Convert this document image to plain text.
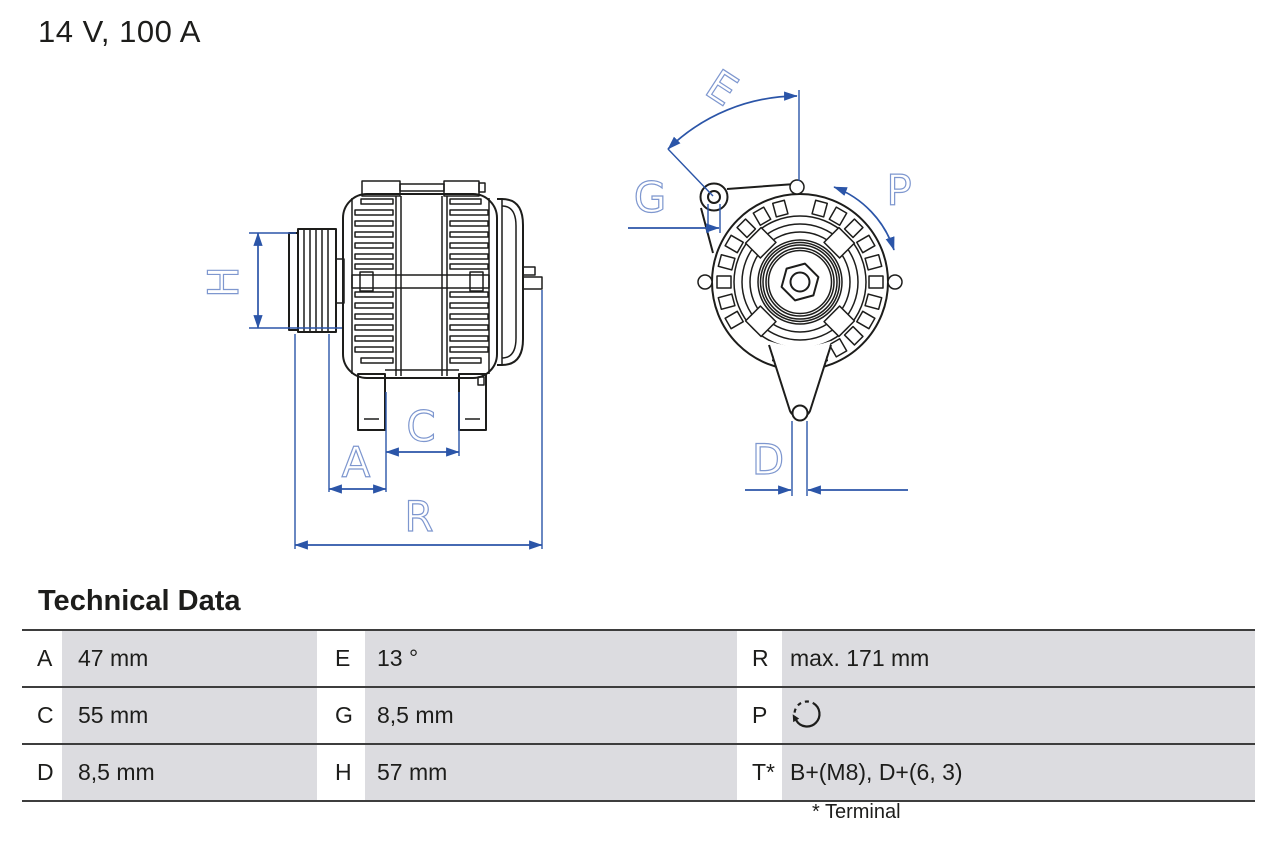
14 V, 100 A
H
A
C
R
E
G	P
D
Technical Data
A	47 mm	E	13 °	R max. 171 mm
C	55 mm	G	8,5 mm	P
D	8,5 mm	H	57 mm	T* B+(M8), D+(6, 3)
* Terminal
